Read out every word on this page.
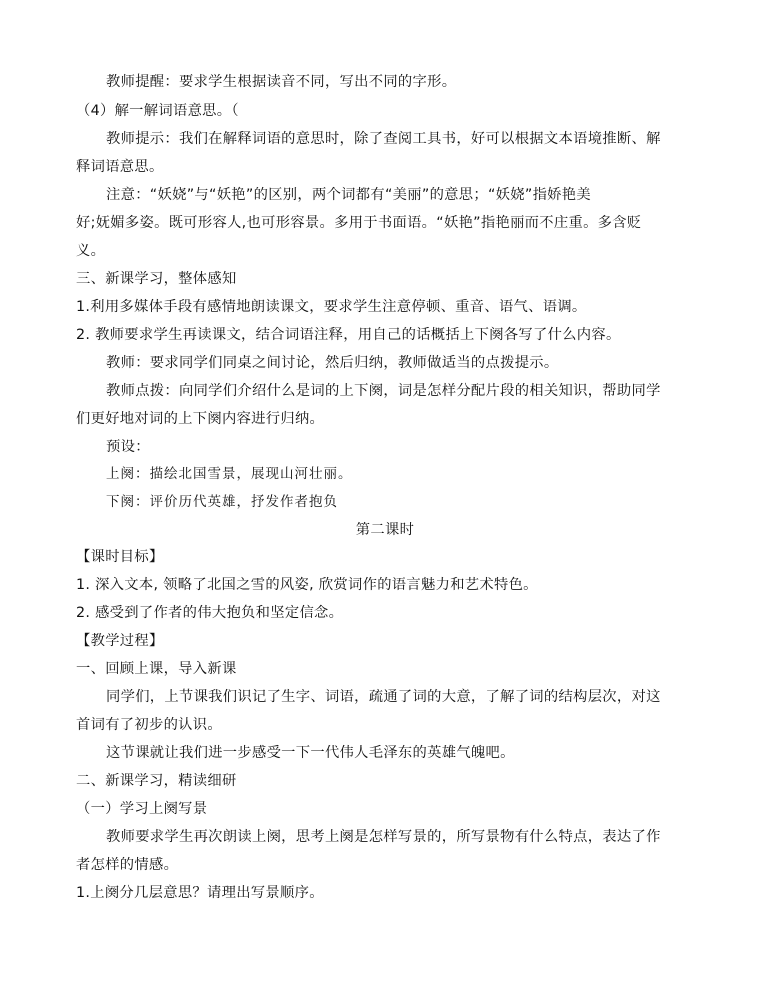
教师提醒：要求学生根据读音不同，写出不同的字形。
（4）解一解词语意思。（
教师提示：我们在解释词语的意思时，除了查阅工具书，好可以根据文本语境推断、解
释词语意思。
注意：“妖娆”与“妖艳”的区别，两个词都有“美丽”的意思；“妖娆”指娇艳美
好;妩媚多姿。既可形容人,也可形容景。多用于书面语。“妖艳”指艳丽而不庄重。多含贬
义。
三、新课学习，整体感知
1.利用多媒体手段有感情地朗读课文，要求学生注意停顿、重音、语气、语调。
2. 教师要求学生再读课文，结合词语注释，用自己的话概括上下阕各写了什么内容。
教师：要求同学们同桌之间讨论，然后归纳，教师做适当的点拨提示。
教师点拨：向同学们介绍什么是词的上下阕，词是怎样分配片段的相关知识，帮助同学
们更好地对词的上下阕内容进行归纳。
预设：
上阕：描绘北国雪景，展现山河壮丽。
下阕：评价历代英雄，抒发作者抱负
第二课时
【课时目标】
1. 深入文本, 领略了北国之雪的风姿, 欣赏词作的语言魅力和艺术特色。
2. 感受到了作者的伟大抱负和坚定信念。
【教学过程】
一、回顾上课，导入新课
同学们，上节课我们识记了生字、词语，疏通了词的大意，了解了词的结构层次，对这
首词有了初步的认识。
这节课就让我们进一步感受一下一代伟人毛泽东的英雄气魄吧。
二、新课学习，精读细研
（一）学习上阕写景
教师要求学生再次朗读上阕，思考上阕是怎样写景的，所写景物有什么特点，表达了作
者怎样的情感。
1.上阕分几层意思？请理出写景顺序。
